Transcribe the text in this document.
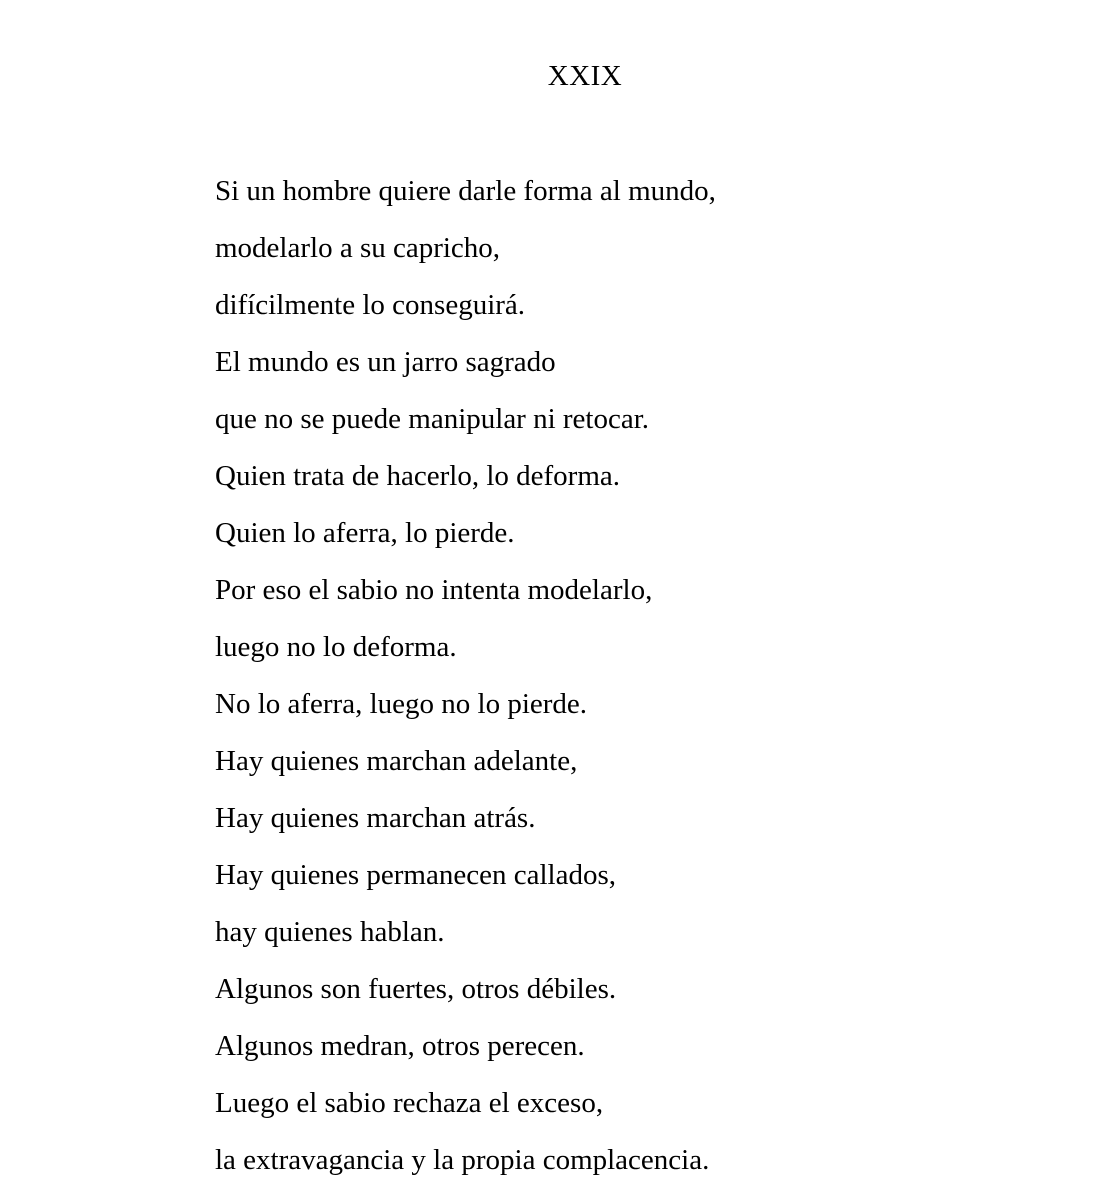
XXIX
Si un hombre quiere darle forma al mundo,
modelarlo a su capricho,
difícilmente lo conseguirá.
El mundo es un jarro sagrado
que no se puede manipular ni retocar.
Quien trata de hacerlo, lo deforma.
Quien lo aferra, lo pierde.
Por eso el sabio no intenta modelarlo,
luego no lo deforma.
No lo aferra, luego no lo pierde.
Hay quienes marchan adelante,
Hay quienes marchan atrás.
Hay quienes permanecen callados,
hay quienes hablan.
Algunos son fuertes, otros débiles.
Algunos medran, otros perecen.
Luego el sabio rechaza el exceso,
la extravagancia y la propia complacencia.
